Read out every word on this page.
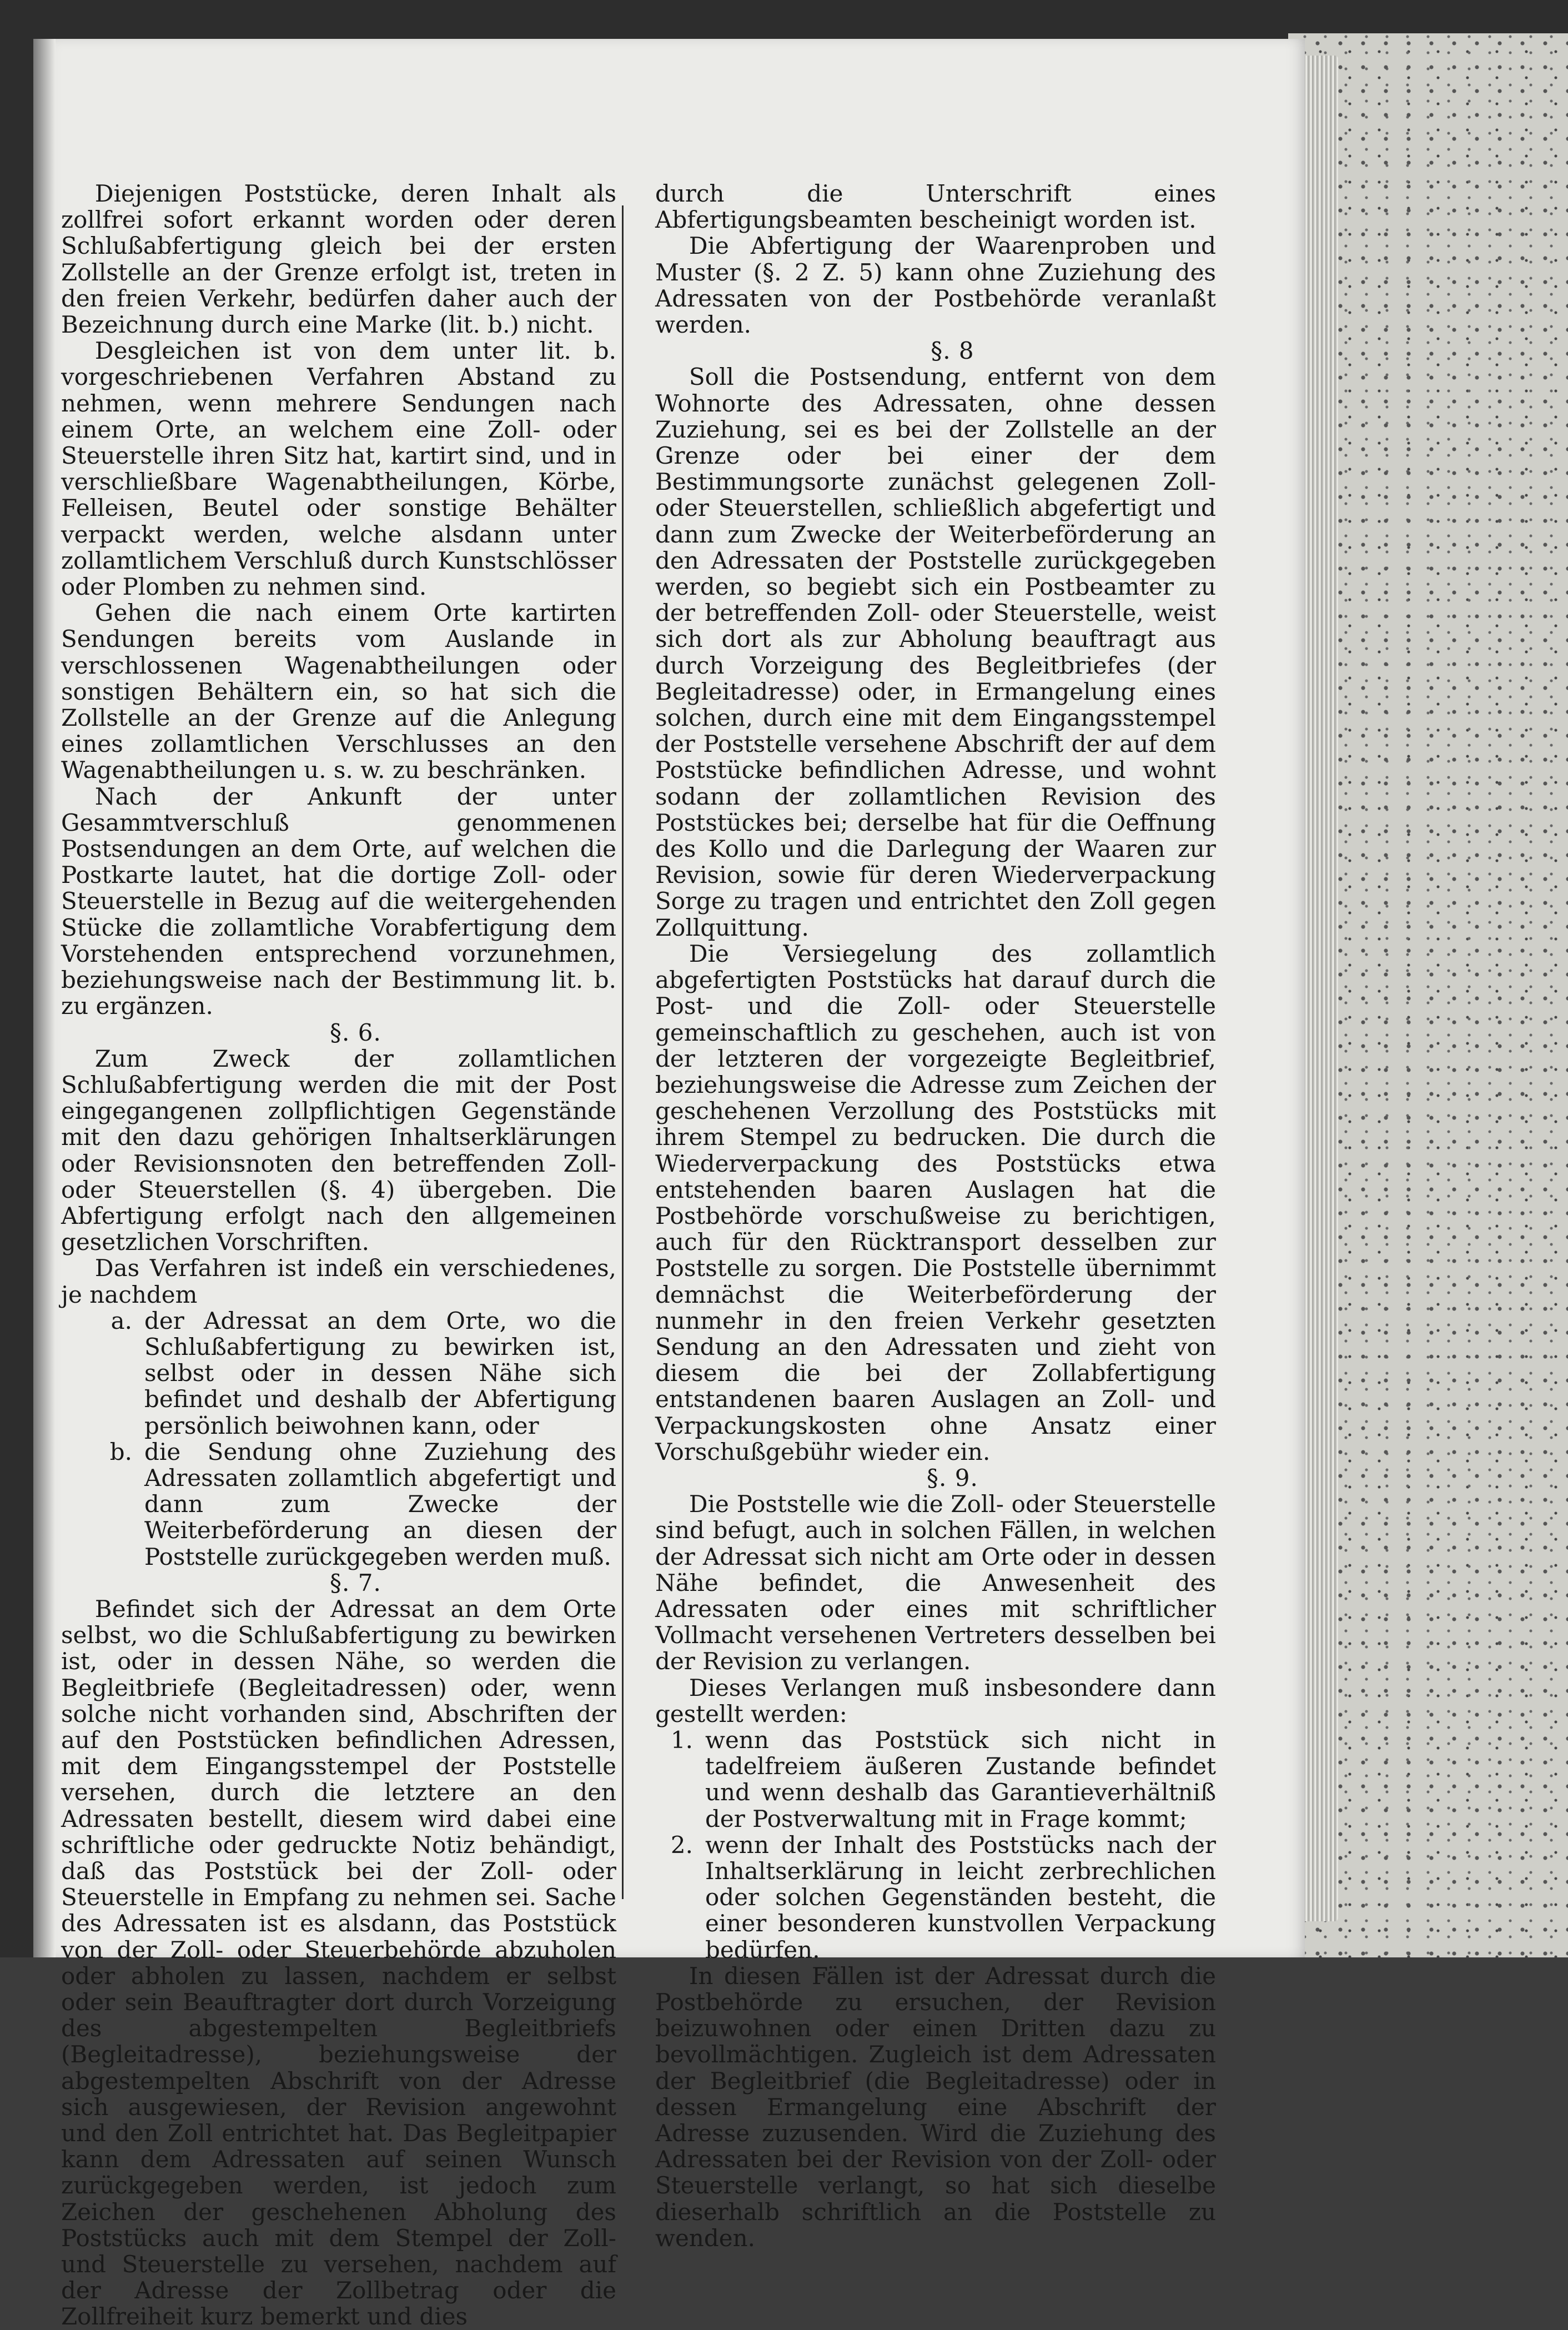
Diejenigen Poststücke, deren Inhalt als zollfrei sofort erkannt worden oder deren Schlußabfertigung gleich bei der ersten Zollstelle an der Grenze erfolgt ist, treten in den freien Verkehr, bedürfen daher auch der Bezeichnung durch eine Marke (lit. b.) nicht.

Desgleichen ist von dem unter lit. b. vorgeschriebenen Verfahren Abstand zu nehmen, wenn mehrere Sendungen nach einem Orte, an welchem eine Zoll- oder Steuerstelle ihren Sitz hat, kartirt sind, und in verschließbare Wagenabtheilungen, Körbe, Felleisen, Beutel oder sonstige Behälter verpackt werden, welche alsdann unter zollamtlichem Verschluß durch Kunstschlösser oder Plomben zu nehmen sind.

Gehen die nach einem Orte kartirten Sendungen bereits vom Auslande in verschlossenen Wagenabtheilungen oder sonstigen Behältern ein, so hat sich die Zollstelle an der Grenze auf die Anlegung eines zollamtlichen Verschlusses an den Wagenabtheilungen u. s. w. zu beschränken.

Nach der Ankunft der unter Gesammtverschluß genommenen Postsendungen an dem Orte, auf welchen die Postkarte lautet, hat die dortige Zoll- oder Steuerstelle in Bezug auf die weitergehenden Stücke die zollamtliche Vorabfertigung dem Vorstehenden entsprechend vorzunehmen, beziehungsweise nach der Bestimmung lit. b. zu ergänzen.

§. 6.

Zum Zweck der zollamtlichen Schlußabfertigung werden die mit der Post eingegangenen zollpflichtigen Gegenstände mit den dazu gehörigen Inhaltserklärungen oder Revisionsnoten den betreffenden Zoll- oder Steuerstellen (§. 4) übergeben. Die Abfertigung erfolgt nach den allgemeinen gesetzlichen Vorschriften.

Das Verfahren ist indeß ein verschiedenes, je nachdem

a. der Adressat an dem Orte, wo die Schlußabfertigung zu bewirken ist, selbst oder in dessen Nähe sich befindet und deshalb der Abfertigung persönlich beiwohnen kann, oder
b. die Sendung ohne Zuziehung des Adressaten zollamtlich abgefertigt und dann zum Zwecke der Weiterbeförderung an diesen der Poststelle zurückgegeben werden muß.

§. 7.

Befindet sich der Adressat an dem Orte selbst, wo die Schlußabfertigung zu bewirken ist, oder in dessen Nähe, so werden die Begleitbriefe (Begleitadressen) oder, wenn solche nicht vorhanden sind, Abschriften der auf den Poststücken befindlichen Adressen, mit dem Eingangsstempel der Poststelle versehen, durch die letztere an den Adressaten bestellt, diesem wird dabei eine schriftliche oder gedruckte Notiz behändigt, daß das Poststück bei der Zoll- oder Steuerstelle in Empfang zu nehmen sei. Sache des Adressaten ist es alsdann, das Poststück von der Zoll- oder Steuerbehörde abzuholen oder abholen zu lassen, nachdem er selbst oder sein Beauftragter dort durch Vorzeigung des abgestempelten Begleitbriefs (Begleitadresse), beziehungsweise der abgestempelten Abschrift von der Adresse sich ausgewiesen, der Revision angewohnt und den Zoll entrichtet hat. Das Begleitpapier kann dem Adressaten auf seinen Wunsch zurückgegeben werden, ist jedoch zum Zeichen der geschehenen Abholung des Poststücks auch mit dem Stempel der Zoll- und Steuerstelle zu versehen, nachdem auf der Adresse der Zollbetrag oder die Zollfreiheit kurz bemerkt und dies

durch die Unterschrift eines Abfertigungsbeamten bescheinigt worden ist.

Die Abfertigung der Waarenproben und Muster (§. 2 Z. 5) kann ohne Zuziehung des Adressaten von der Postbehörde veranlaßt werden.

§. 8

Soll die Postsendung, entfernt von dem Wohnorte des Adressaten, ohne dessen Zuziehung, sei es bei der Zollstelle an der Grenze oder bei einer der dem Bestimmungsorte zunächst gelegenen Zoll- oder Steuerstellen, schließlich abgefertigt und dann zum Zwecke der Weiterbeförderung an den Adressaten der Poststelle zurückgegeben werden, so begiebt sich ein Postbeamter zu der betreffenden Zoll- oder Steuerstelle, weist sich dort als zur Abholung beauftragt aus durch Vorzeigung des Begleitbriefes (der Begleitadresse) oder, in Ermangelung eines solchen, durch eine mit dem Eingangsstempel der Poststelle versehene Abschrift der auf dem Poststücke befindlichen Adresse, und wohnt sodann der zollamtlichen Revision des Poststückes bei; derselbe hat für die Oeffnung des Kollo und die Darlegung der Waaren zur Revision, sowie für deren Wiederverpackung Sorge zu tragen und entrichtet den Zoll gegen Zollquittung.

Die Versiegelung des zollamtlich abgefertigten Poststücks hat darauf durch die Post- und die Zoll- oder Steuerstelle gemeinschaftlich zu geschehen, auch ist von der letzteren der vorgezeigte Begleitbrief, beziehungsweise die Adresse zum Zeichen der geschehenen Verzollung des Poststücks mit ihrem Stempel zu bedrucken. Die durch die Wiederverpackung des Poststücks etwa entstehenden baaren Auslagen hat die Postbehörde vorschußweise zu berichtigen, auch für den Rücktransport desselben zur Poststelle zu sorgen. Die Poststelle übernimmt demnächst die Weiterbeförderung der nunmehr in den freien Verkehr gesetzten Sendung an den Adressaten und zieht von diesem die bei der Zollabfertigung entstandenen baaren Auslagen an Zoll- und Verpackungskosten ohne Ansatz einer Vorschußgebühr wieder ein.

§. 9.

Die Poststelle wie die Zoll- oder Steuerstelle sind befugt, auch in solchen Fällen, in welchen der Adressat sich nicht am Orte oder in dessen Nähe befindet, die Anwesenheit des Adressaten oder eines mit schriftlicher Vollmacht versehenen Vertreters desselben bei der Revision zu verlangen.

Dieses Verlangen muß insbesondere dann gestellt werden:

1. wenn das Poststück sich nicht in tadelfreiem äußeren Zustande befindet und wenn deshalb das Garantieverhältniß der Postverwaltung mit in Frage kommt;
2. wenn der Inhalt des Poststücks nach der Inhaltserklärung in leicht zerbrechlichen oder solchen Gegenständen besteht, die einer besonderen kunstvollen Verpackung bedürfen.

In diesen Fällen ist der Adressat durch die Postbehörde zu ersuchen, der Revision beizuwohnen oder einen Dritten dazu zu bevollmächtigen. Zugleich ist dem Adressaten der Begleitbrief (die Begleitadresse) oder in dessen Ermangelung eine Abschrift der Adresse zuzusenden. Wird die Zuziehung des Adressaten bei der Revision von der Zoll- oder Steuerstelle verlangt, so hat sich dieselbe dieserhalb schriftlich an die Poststelle zu wenden.
